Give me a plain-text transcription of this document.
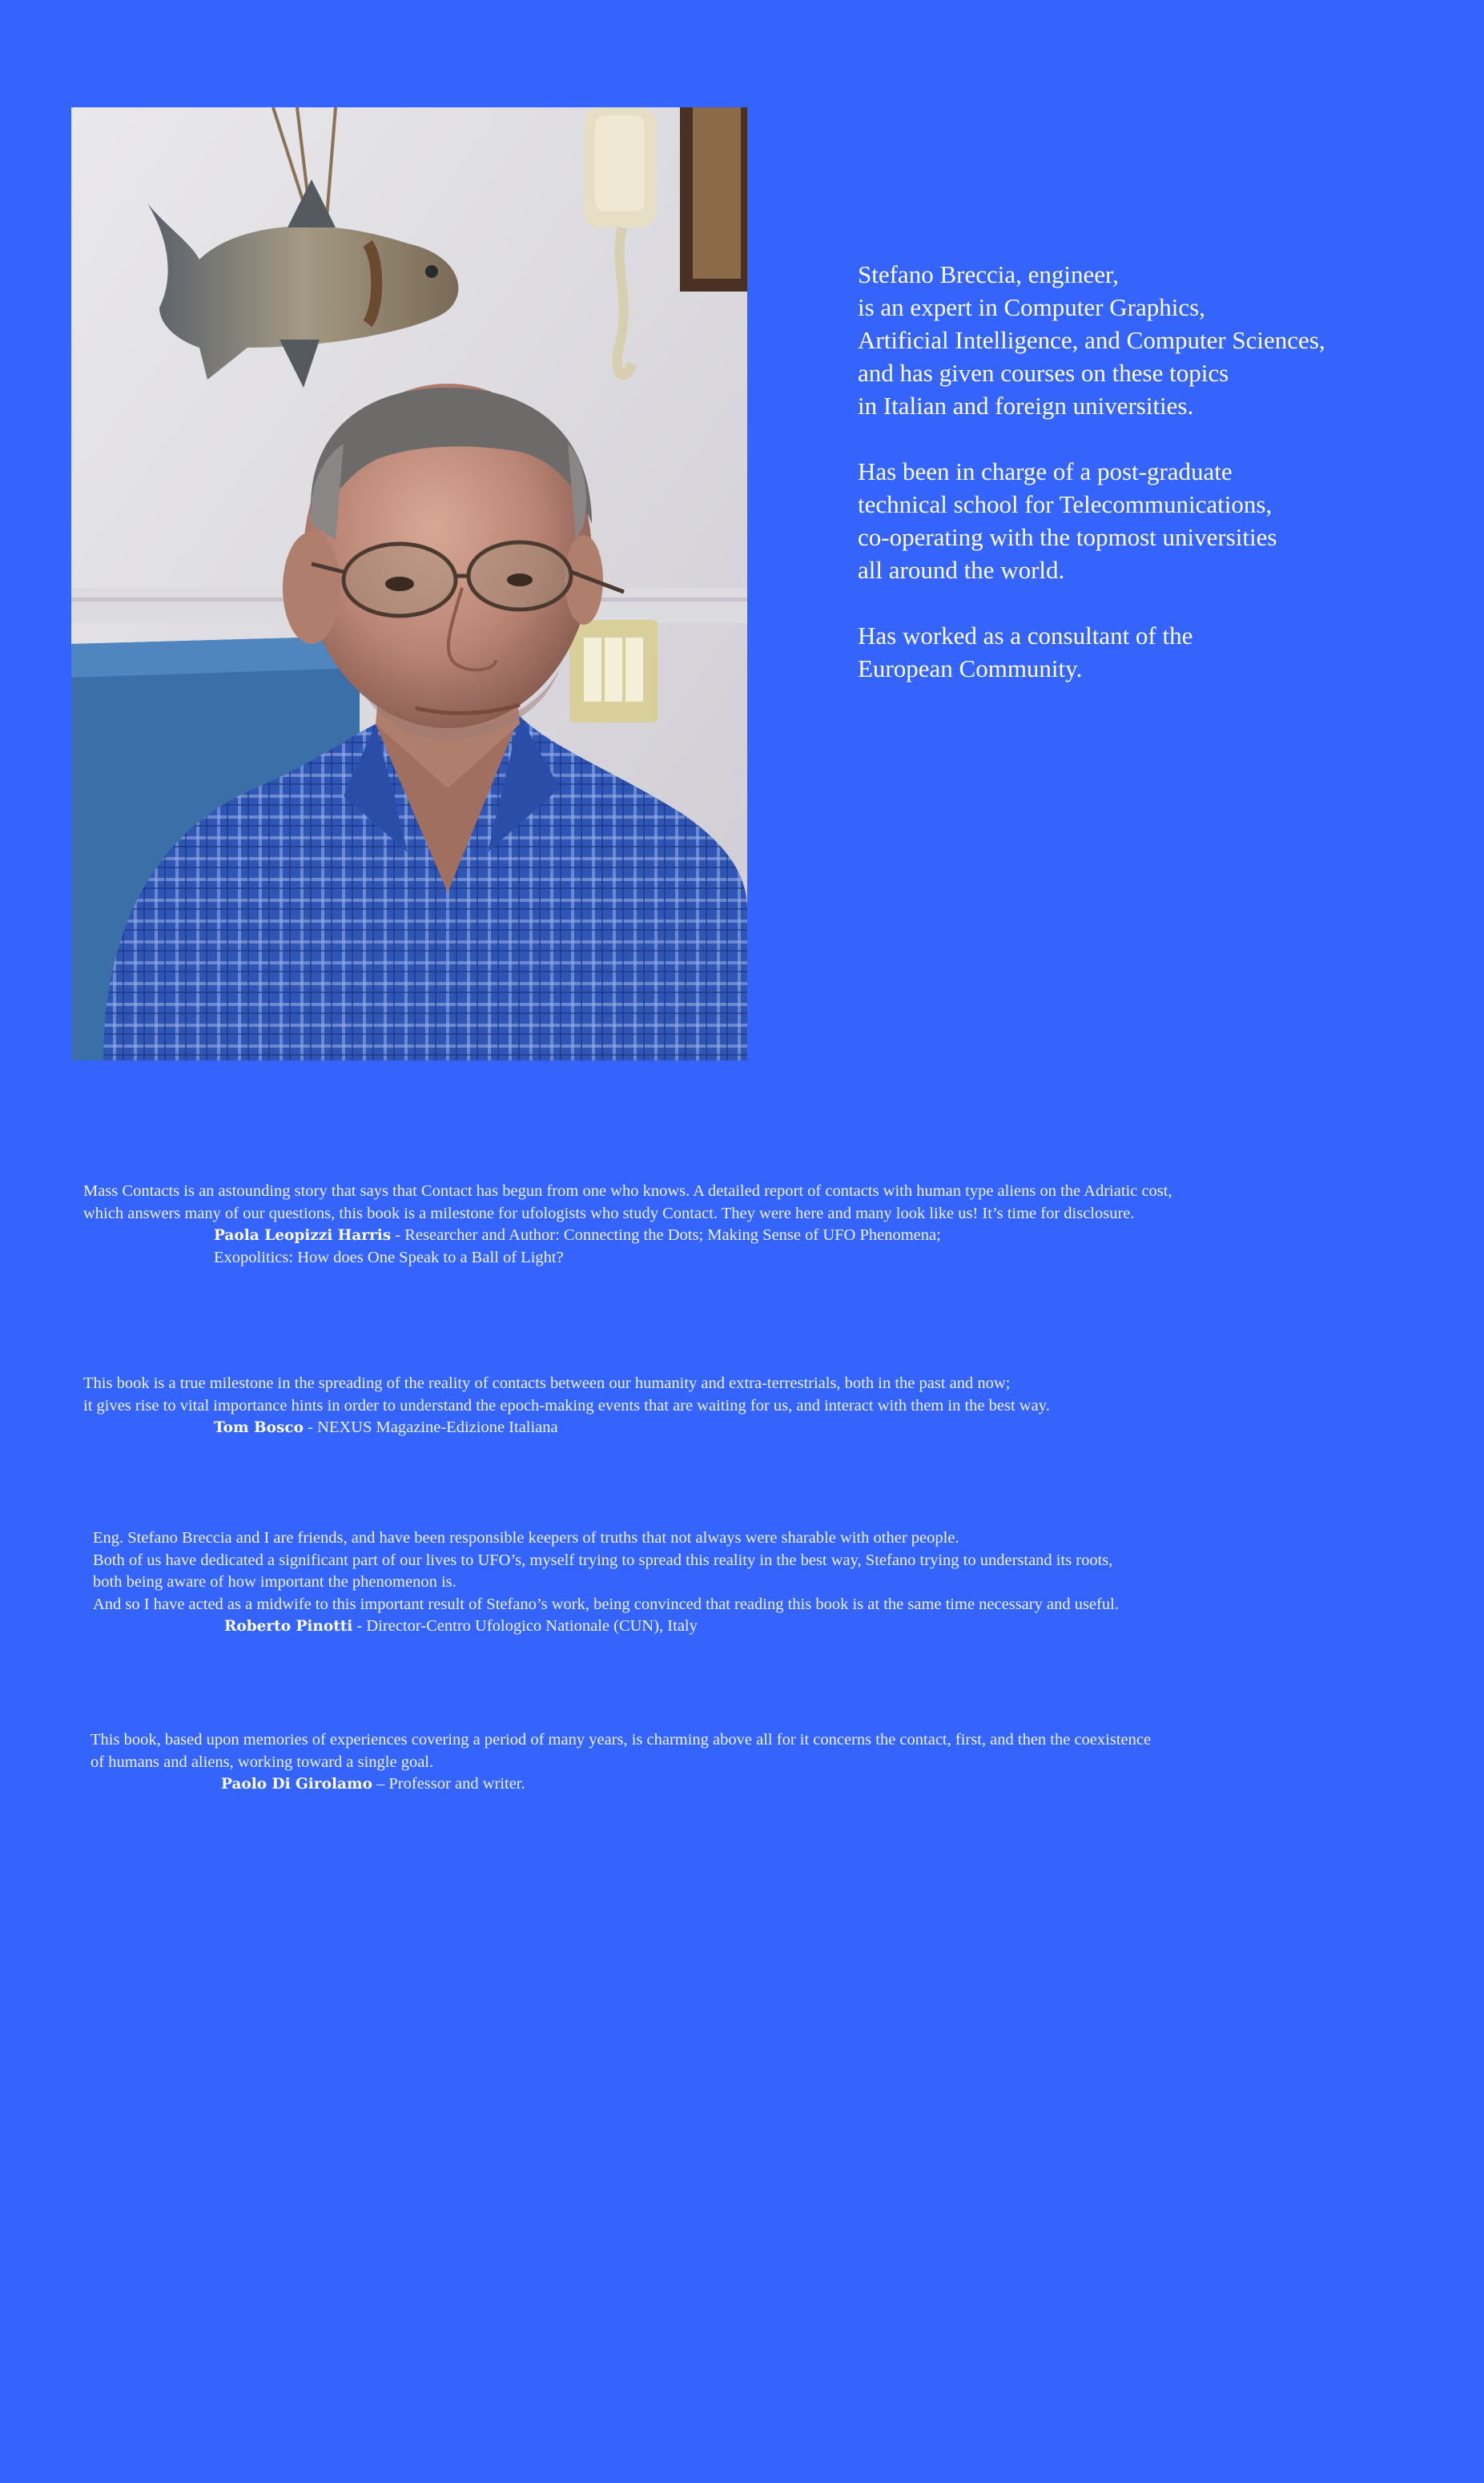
Stefano Breccia, engineer,
is an expert in Computer Graphics,
Artificial Intelligence, and Computer Sciences,
and has given courses on these topics
in Italian and foreign universities.

Has been in charge of a post-graduate
technical school for Telecommunications,
co-operating with the topmost universities
all around the world.

Has worked as a consultant of the
European Community.

Mass Contacts is an astounding story that says that Contact has begun from one who knows. A detailed report of contacts with human type aliens on the Adriatic cost,
which answers many of our questions, this book is a milestone for ufologists who study Contact. They were here and many look like us! It’s time for disclosure.
Paola Leopizzi Harris - Researcher and Author: Connecting the Dots; Making Sense of UFO Phenomena;
Exopolitics: How does One Speak to a Ball of Light?
This book is a true milestone in the spreading of the reality of contacts between our humanity and extra-terrestrials, both in the past and now;
it gives rise to vital importance hints in order to understand the epoch-making events that are waiting for us, and interact with them in the best way.
Tom Bosco - NEXUS Magazine-Edizione Italiana
Eng. Stefano Breccia and I are friends, and have been responsible keepers of truths that not always were sharable with other people.
Both of us have dedicated a significant part of our lives to UFO’s, myself trying to spread this reality in the best way, Stefano trying to understand its roots,
both being aware of how important the phenomenon is.
And so I have acted as a midwife to this important result of Stefano’s work, being convinced that reading this book is at the same time necessary and useful.
Roberto Pinotti - Director-Centro Ufologico Nationale (CUN), Italy
This book, based upon memories of experiences covering a period of many years, is charming above all for it concerns the contact, first, and then the coexistence
of humans and aliens, working toward a single goal.
Paolo Di Girolamo – Professor and writer.
